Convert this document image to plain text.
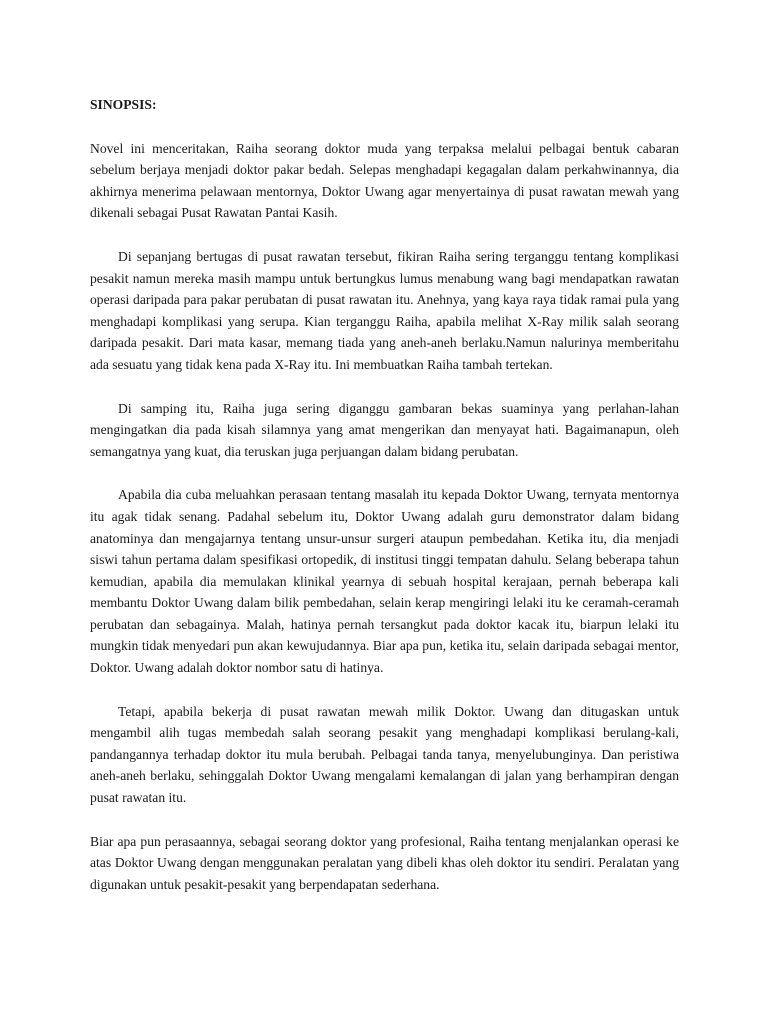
SINOPSIS:

Novel ini menceritakan, Raiha seorang doktor muda yang terpaksa melalui pelbagai bentuk cabaran sebelum berjaya menjadi doktor pakar bedah. Selepas menghadapi kegagalan dalam perkahwinannya, dia akhirnya menerima pelawaan mentornya, Doktor Uwang agar menyertainya di pusat rawatan mewah yang dikenali sebagai Pusat Rawatan Pantai Kasih.

Di sepanjang bertugas di pusat rawatan tersebut, fikiran Raiha sering terganggu tentang komplikasi pesakit namun mereka masih mampu untuk bertungkus lumus menabung wang bagi mendapatkan rawatan operasi daripada para pakar perubatan di pusat rawatan itu. Anehnya, yang kaya raya tidak ramai pula yang menghadapi komplikasi yang serupa. Kian terganggu Raiha, apabila melihat X-Ray milik salah seorang daripada pesakit. Dari mata kasar, memang tiada yang aneh-aneh berlaku.Namun nalurinya memberitahu ada sesuatu yang tidak kena pada X-Ray itu. Ini membuatkan Raiha tambah tertekan.

Di samping itu, Raiha juga sering diganggu gambaran bekas suaminya yang perlahan-lahan mengingatkan dia pada kisah silamnya yang amat mengerikan dan menyayat hati. Bagaimanapun, oleh semangatnya yang kuat, dia teruskan juga perjuangan dalam bidang perubatan.

Apabila dia cuba meluahkan perasaan tentang masalah itu kepada Doktor Uwang, ternyata mentornya itu agak tidak senang. Padahal sebelum itu, Doktor Uwang adalah guru demonstrator dalam bidang anatominya dan mengajarnya tentang unsur-unsur surgeri ataupun pembedahan. Ketika itu, dia menjadi siswi tahun pertama dalam spesifikasi ortopedik, di institusi tinggi tempatan dahulu. Selang beberapa tahun kemudian, apabila dia memulakan klinikal yearnya di sebuah hospital kerajaan, pernah beberapa kali membantu Doktor Uwang dalam bilik pembedahan, selain kerap mengiringi lelaki itu ke ceramah-ceramah perubatan dan sebagainya. Malah, hatinya pernah tersangkut pada doktor kacak itu, biarpun lelaki itu mungkin tidak menyedari pun akan kewujudannya. Biar apa pun, ketika itu, selain daripada sebagai mentor, Doktor. Uwang adalah doktor nombor satu di hatinya.

Tetapi, apabila bekerja di pusat rawatan mewah milik Doktor. Uwang dan ditugaskan untuk mengambil alih tugas membedah salah seorang pesakit yang menghadapi komplikasi berulang-kali, pandangannya terhadap doktor itu mula berubah. Pelbagai tanda tanya, menyelubunginya. Dan peristiwa aneh-aneh berlaku, sehinggalah Doktor Uwang mengalami kemalangan di jalan yang berhampiran dengan pusat rawatan itu.

Biar apa pun perasaannya, sebagai seorang doktor yang profesional, Raiha tentang menjalankan operasi ke atas Doktor Uwang dengan menggunakan peralatan yang dibeli khas oleh doktor itu sendiri. Peralatan yang digunakan untuk pesakit-pesakit yang berpendapatan sederhana.
